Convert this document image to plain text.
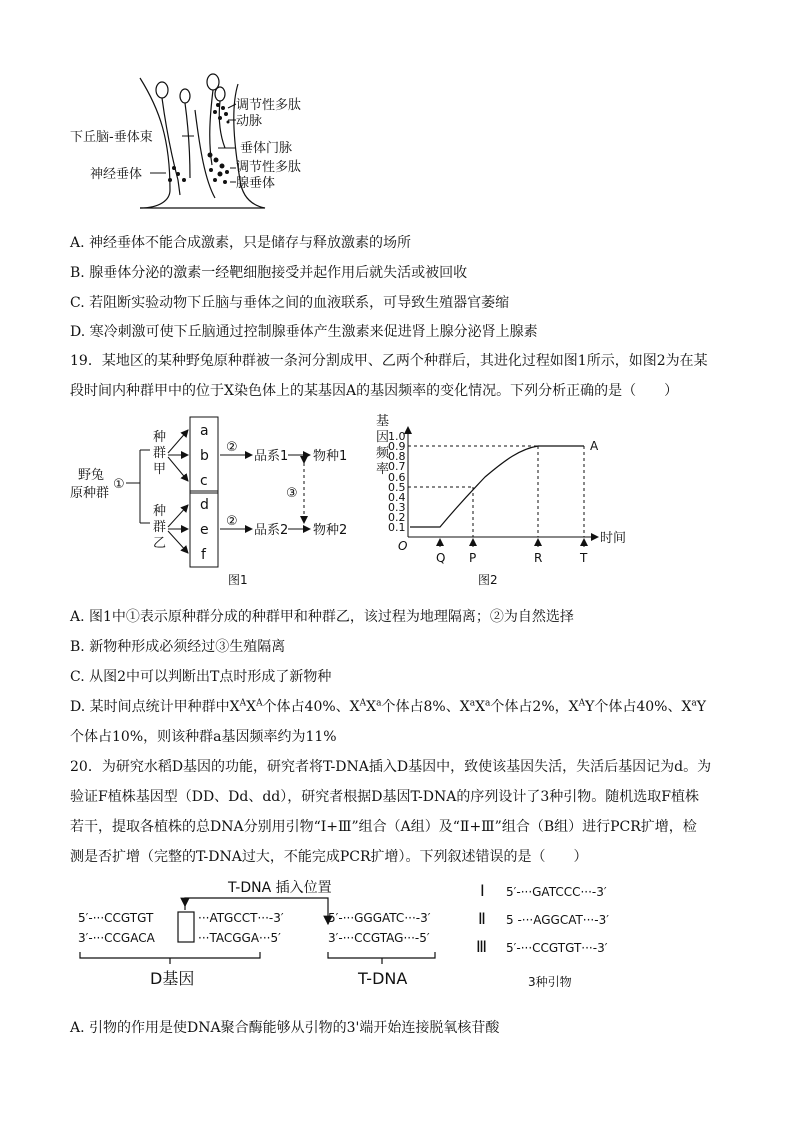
调节性多肽
动脉
下丘脑-垂体束
垂体门脉
神经垂体	调节性多肽
腺垂体
A. 神经垂体不能合成激素，只是储存与释放激素的场所
B. 腺垂体分泌的激素一经靶细胞接受并起作用后就失活或被回收
C. 若阻断实验动物下丘脑与垂体之间的血液联系，可导致生殖器官萎缩
D. 寒冷刺激可使下丘脑通过控制腺垂体产生激素来促进肾上腺分泌肾上腺素
19．某地区的某种野兔原种群被一条河分割成甲、乙两个种群后，其进化过程如图1所示，如图2为在某
段时间内种群甲中的位于X染色体上的某基因A的基因频率的变化情况。下列分析正确的是（　　）
野兔
原种群
①
种
群
甲
种
群
乙
a
b
c
d
e
f
②
②
③
品系1
品系2
物种1
物种2
图1
基
因
频
率
1.0
0.9
0.8
0.7
0.6
0.5
0.4
0.3
0.2
0.1
O	时间
Q P	R	T
A
图2
A. 图1中①表示原种群分成的种群甲和种群乙，该过程为地理隔离；②为自然选择
B. 新物种形成必须经过③生殖隔离
C. 从图2中可以判断出T点时形成了新物种
D. 某时间点统计甲种群中$X^AX^A$个体占40%、$X^AX^a$个体占8%、$X^aX^a$个体占2%，$X^AY$个体占40%、$X^aY$
个体占10%，则该种群a基因频率约为11%
20．为研究水稻D基因的功能，研究者将T-DNA插入D基因中，致使该基因失活，失活后基因记为d。为
验证F植株基因型（DD、Dd、dd），研究者根据D基因T-DNA的序列设计了3种引物。随机选取F植株
若干，提取各植株的总DNA分别用引物“Ⅰ+Ⅲ”组合（A组）及“Ⅱ+Ⅲ”组合（B组）进行PCR扩增，检
测是否扩增（完整的T-DNA过大，不能完成PCR扩增）。下列叙述错误的是（　　）
T-DNA 插入位置
5′-···CCGTGT	···ATGCCT···-3′
3′-···CCGACA	···TACGGA···5′
5′-···GGGATC···-3′
3′-···CCGTAG···-5′
D基因	T-DNA
Ⅰ 5′-···GATCCC···-3′
Ⅱ 5 -···AGGCAT···-3′
Ⅲ 5′-···CCGTGT···-3′
3种引物
A. 引物的作用是使DNA聚合酶能够从引物的3'端开始连接脱氧核苷酸
